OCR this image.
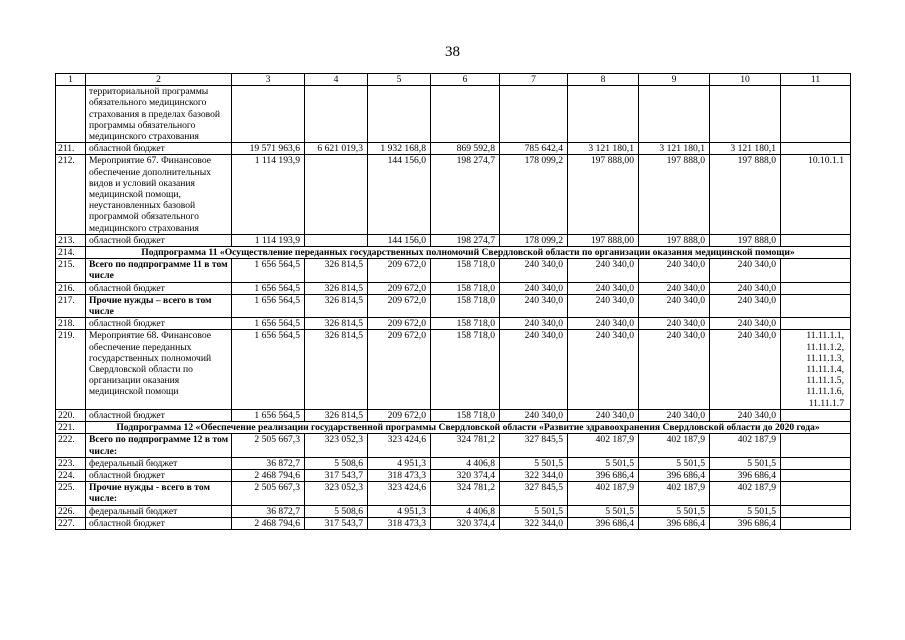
38
1	2	3	4	5	6	7	8	9	10	11
	территориальной программы обязательного медицинского страхования в пределах базовой программы обязательного медицинского страхования									
211.	областной бюджет	19 571 963,6	6 621 019,3	1 932 168,8	869 592,8	785 642,4	3 121 180,1	3 121 180,1	3 121 180,1	
212.	Мероприятие 67. Финансовое обеспечение дополнительных видов и условий оказания медицинской помощи, неустановленных базовой программой обязательного медицинского страхования	1 114 193,9		144 156,0	198 274,7	178 099,2	197 888,00	197 888,0	197 888,0	10.10.1.1
213.	областной бюджет	1 114 193,9		144 156,0	198 274,7	178 099,2	197 888,00	197 888,0	197 888,0	
214.	Подпрограмма 11 «Осуществление переданных государственных полномочий Свердловской области по организации оказания медицинской помощи»									
215.	Всего по подпрограмме 11 в том числе	1 656 564,5	326 814,5	209 672,0	158 718,0	240 340,0	240 340,0	240 340,0	240 340,0	
216.	областной бюджет	1 656 564,5	326 814,5	209 672,0	158 718,0	240 340,0	240 340,0	240 340,0	240 340,0	
217.	Прочие нужды – всего в том числе	1 656 564,5	326 814,5	209 672,0	158 718,0	240 340,0	240 340,0	240 340,0	240 340,0	
218.	областной бюджет	1 656 564,5	326 814,5	209 672,0	158 718,0	240 340,0	240 340,0	240 340,0	240 340,0	
219.	Мероприятие 68. Финансовое обеспечение переданных государственных полномочий Свердловской области по организации оказания медицинской помощи	1 656 564,5	326 814,5	209 672,0	158 718,0	240 340,0	240 340,0	240 340,0	240 340,0	11.11.1.1, 11.11.1.2, 11.11.1.3, 11.11.1.4, 11.11.1.5, 11.11.1.6, 11.11.1.7
220.	областной бюджет	1 656 564,5	326 814,5	209 672,0	158 718,0	240 340,0	240 340,0	240 340,0	240 340,0	
221.	Подпрограмма 12 «Обеспечение реализации государственной программы Свердловской области «Развитие здравоохранения Свердловской области до 2020 года»									
222.	Всего по подпрограмме 12 в том числе:	2 505 667,3	323 052,3	323 424,6	324 781,2	327 845,5	402 187,9	402 187,9	402 187,9	
223.	федеральный бюджет	36 872,7	5 508,6	4 951,3	4 406,8	5 501,5	5 501,5	5 501,5	5 501,5	
224.	областной бюджет	2 468 794,6	317 543,7	318 473,3	320 374,4	322 344,0	396 686,4	396 686,4	396 686,4	
225.	Прочие нужды - всего в том числе:	2 505 667,3	323 052,3	323 424,6	324 781,2	327 845,5	402 187,9	402 187,9	402 187,9	
226.	федеральный бюджет	36 872,7	5 508,6	4 951,3	4 406,8	5 501,5	5 501,5	5 501,5	5 501,5	
227.	областной бюджет	2 468 794,6	317 543,7	318 473,3	320 374,4	322 344,0	396 686,4	396 686,4	396 686,4	
